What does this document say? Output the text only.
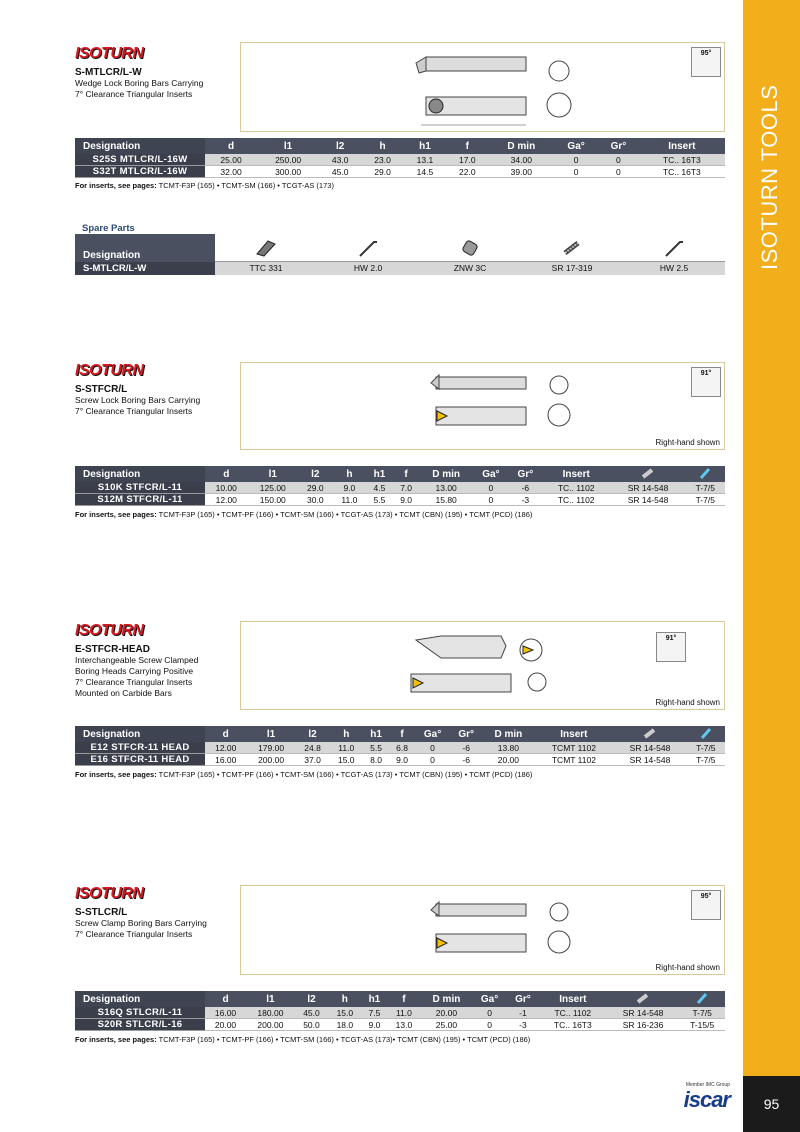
ISOTURN TOOLS
95
Member IMC Group
iscar
ISOTURN
S-MTLCR/L-W
Wedge Lock Boring Bars Carrying
7° Clearance Triangular Inserts
95°
Designation	d	l1	l2	h	h1	f	D min	Ga°	Gr°	Insert
S25S MTLCR/L-16W	25.00	250.00	43.0	23.0	13.1	17.0	34.00	0	0	TC.. 16T3
S32T MTLCR/L-16W	32.00	300.00	45.0	29.0	14.5	22.0	39.00	0	0	TC.. 16T3
For inserts, see pages: TCMT-F3P (165) • TCMT-SM (166) • TCGT-AS (173)
Spare Parts
Designation
S-MTLCR/L-W	TTC 331	HW 2.0	ZNW 3C	SR 17-319	HW 2.5
ISOTURN
S-STFCR/L
Screw Lock Boring Bars Carrying
7° Clearance Triangular Inserts
91°
Right-hand shown
Designation	d	l1	l2	h	h1	f	D min	Ga°	Gr°	Insert		
S10K STFCR/L-11	10.00	125.00	29.0	9.0	4.5	7.0	13.00	0	-6	TC.. 1102	SR 14-548	T-7/5
S12M STFCR/L-11	12.00	150.00	30.0	11.0	5.5	9.0	15.80	0	-3	TC.. 1102	SR 14-548	T-7/5
For inserts, see pages: TCMT-F3P (165) • TCMT-PF (166) • TCMT-SM (166) • TCGT-AS (173) • TCMT (CBN) (195) • TCMT (PCD) (186)
ISOTURN
E-STFCR-HEAD
Interchangeable Screw Clamped
Boring Heads Carrying Positive
7° Clearance Triangular Inserts
Mounted on Carbide Bars
91°
Right-hand shown
Designation	d	l1	l2	h	h1	f	Ga°	Gr°	D min	Insert		
E12 STFCR-11 HEAD	12.00	179.00	24.8	11.0	5.5	6.8	0	-6	13.80	TCMT 1102	SR 14-548	T-7/5
E16 STFCR-11 HEAD	16.00	200.00	37.0	15.0	8.0	9.0	0	-6	20.00	TCMT 1102	SR 14-548	T-7/5
For inserts, see pages: TCMT-F3P (165) • TCMT-PF (166) • TCMT-SM (166) • TCGT-AS (173) • TCMT (CBN) (195) • TCMT (PCD) (186)
ISOTURN
S-STLCR/L
Screw Clamp Boring Bars Carrying
7° Clearance Triangular Inserts
95°
Right-hand shown
Designation	d	l1	l2	h	h1	f	D min	Ga°	Gr°	Insert		
S16Q STLCR/L-11	16.00	180.00	45.0	15.0	7.5	11.0	20.00	0	-1	TC.. 1102	SR 14-548	T-7/5
S20R STLCR/L-16	20.00	200.00	50.0	18.0	9.0	13.0	25.00	0	-3	TC.. 16T3	SR 16-236	T-15/5
For inserts, see pages: TCMT-F3P (165) • TCMT-PF (166) • TCMT-SM (166) • TCGT-AS (173)• TCMT (CBN) (195) • TCMT (PCD) (186)
